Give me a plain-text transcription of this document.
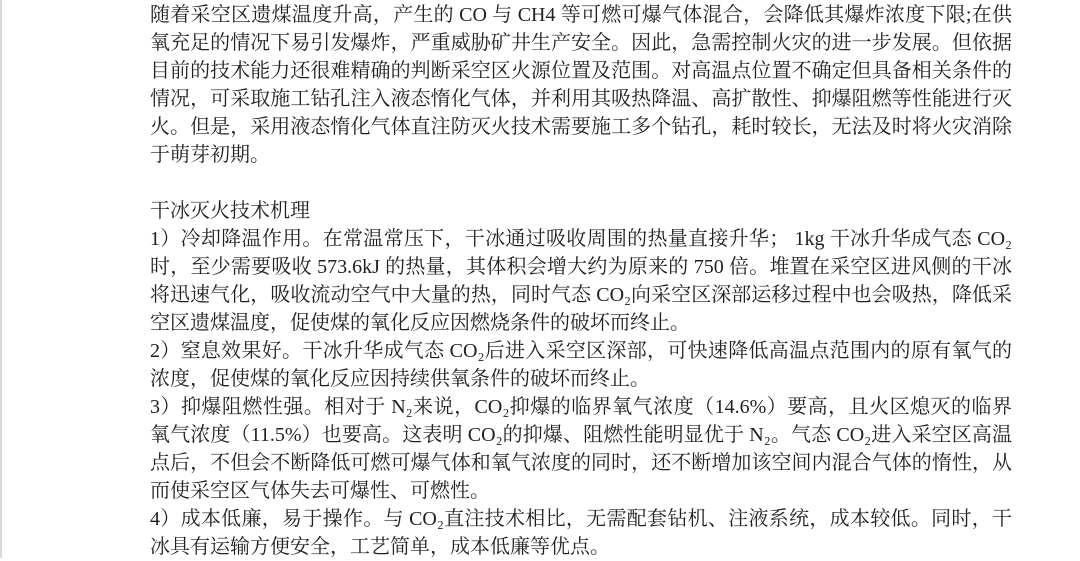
随着采空区遗煤温度升高，产生的 CO 与 CH4 等可燃可爆气体混合，会降低其爆炸浓度下限;在供氧充足的情况下易引发爆炸，严重威胁矿井生产安全。因此，急需控制火灾的进一步发展。但依据目前的技术能力还很难精确的判断采空区火源位置及范围。对高温点位置不确定但具备相关条件的情况，可采取施工钻孔注入液态惰化气体，并利用其吸热降温、高扩散性、抑爆阻燃等性能进行灭火。但是，采用液态惰化气体直注防灭火技术需要施工多个钻孔，耗时较长，无法及时将火灾消除于萌芽初期。

干冰灭火技术机理

1）冷却降温作用。在常温常压下，干冰通过吸收周围的热量直接升华； 1kg 干冰升华成气态 CO₂时，至少需要吸收 573.6kJ 的热量，其体积会增大约为原来的 750 倍。堆置在采空区进风侧的干冰将迅速气化，吸收流动空气中大量的热，同时气态 CO₂向采空区深部运移过程中也会吸热，降低采空区遗煤温度，促使煤的氧化反应因燃烧条件的破坏而终止。

2）窒息效果好。干冰升华成气态 CO₂后进入采空区深部，可快速降低高温点范围内的原有氧气的浓度，促使煤的氧化反应因持续供氧条件的破坏而终止。

3）抑爆阻燃性强。相对于 N₂来说，CO₂抑爆的临界氧气浓度（14.6%）要高，且火区熄灭的临界氧气浓度（11.5%）也要高。这表明 CO₂的抑爆、阻燃性能明显优于 N₂。气态 CO₂进入采空区高温点后，不但会不断降低可燃可爆气体和氧气浓度的同时，还不断增加该空间内混合气体的惰性，从而使采空区气体失去可爆性、可燃性。

4）成本低廉，易于操作。与 CO₂直注技术相比，无需配套钻机、注液系统，成本较低。同时，干冰具有运输方便安全，工艺简单，成本低廉等优点。
